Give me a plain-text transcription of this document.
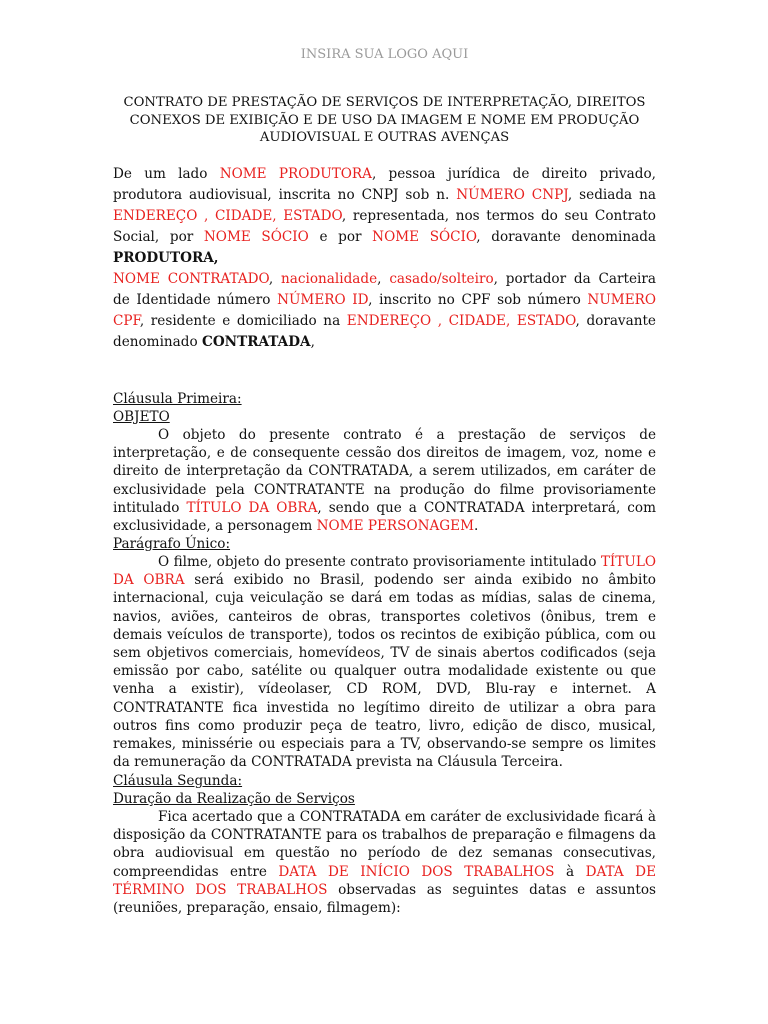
INSIRA SUA LOGO AQUI
CONTRATO DE PRESTAÇÃO DE SERVIÇOS DE INTERPRETAÇÃO, DIREITOS
CONEXOS DE EXIBIÇÃO E DE USO DA IMAGEM E NOME EM PRODUÇÃO
AUDIOVISUAL E OUTRAS AVENÇAS
De um lado NOME PRODUTORA, pessoa jurídica de direito privado, produtora audiovisual, inscrita no CNPJ sob n. NÚMERO CNPJ, sediada na ENDEREÇO , CIDADE, ESTADO, representada, nos termos do seu Contrato Social, por NOME SÓCIO e por NOME SÓCIO, doravante denominada PRODUTORA,
NOME CONTRATADO, nacionalidade, casado/solteiro, portador da Carteira de Identidade número NÚMERO ID, inscrito no CPF sob número NUMERO CPF, residente e domiciliado na ENDEREÇO , CIDADE, ESTADO, doravante denominado CONTRATADA,
Cláusula Primeira:
OBJETO
O objeto do presente contrato é a prestação de serviços de interpretação, e de consequente cessão dos direitos de imagem, voz, nome e direito de interpretação da CONTRATADA, a serem utilizados, em caráter de exclusividade pela CONTRATANTE na produção do filme provisoriamente intitulado TÍTULO DA OBRA, sendo que a CONTRATADA interpretará, com exclusividade, a personagem NOME PERSONAGEM.
Parágrafo Único:
O filme, objeto do presente contrato provisoriamente intitulado TÍTULO DA OBRA será exibido no Brasil, podendo ser ainda exibido no âmbito internacional, cuja veiculação se dará em todas as mídias, salas de cinema, navios, aviões, canteiros de obras, transportes coletivos (ônibus, trem e demais veículos de transporte), todos os recintos de exibição pública, com ou sem objetivos comerciais, homevídeos, TV de sinais abertos codificados (seja emissão por cabo, satélite ou qualquer outra modalidade existente ou que venha a existir), vídeolaser, CD ROM, DVD, Blu-ray e internet. A CONTRATANTE fica investida no legítimo direito de utilizar a obra para outros fins como produzir peça de teatro, livro, edição de disco, musical, remakes, minissérie ou especiais para a TV, observando-se sempre os limites da remuneração da CONTRATADA prevista na Cláusula Terceira.
Cláusula Segunda:
Duração da Realização de Serviços
Fica acertado que a CONTRATADA em caráter de exclusividade ficará à disposição da CONTRATANTE para os trabalhos de preparação e filmagens da obra audiovisual em questão no período de dez semanas consecutivas, compreendidas entre DATA DE INÍCIO DOS TRABALHOS à DATA DE TÉRMINO DOS TRABALHOS observadas as seguintes datas e assuntos (reuniões, preparação, ensaio, filmagem):
